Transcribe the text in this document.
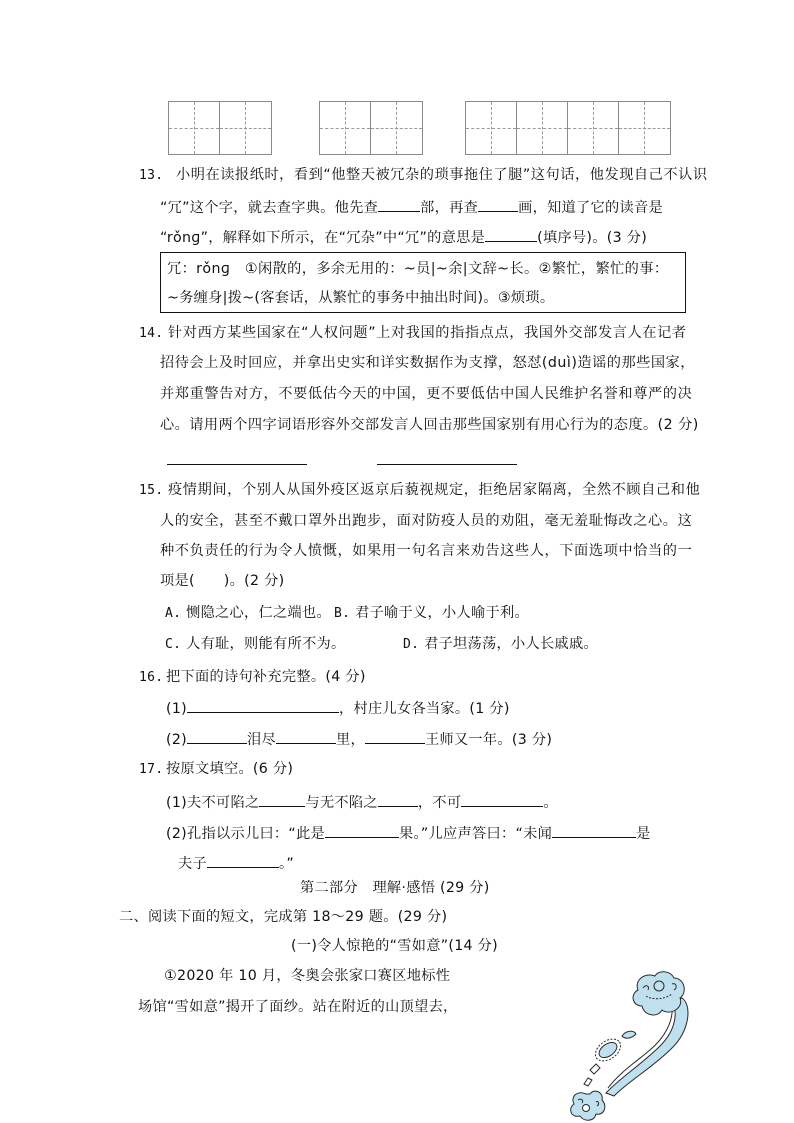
13. 小明在读报纸时，看到“他整天被冗杂的琐事拖住了腿”这句话，他发现自己不认识
“冗”这个字，就去查字典。他先查	部，再查	画，知道了它的读音是
“rǒnɡ”，解释如下所示，在“冗杂”中“冗”的意思是	(填序号)。(3 分)
冗：rǒnɡ　①闲散的，多余无用的：~员|~余|文辞~长。②繁忙，繁忙的事：
~务缠身|拨~(客套话，从繁忙的事务中抽出时间)。③烦琐。
14. 针对西方某些国家在“人权问题”上对我国的指指点点，我国外交部发言人在记者
招待会上及时回应，并拿出史实和详实数据作为支撑，怒怼(duì)造谣的那些国家，
并郑重警告对方，不要低估今天的中国，更不要低估中国人民维护名誉和尊严的决
心。请用两个四字词语形容外交部发言人回击那些国家别有用心行为的态度。(2 分)
15. 疫情期间，个别人从国外疫区返京后藐视规定，拒绝居家隔离，全然不顾自己和他
人的安全，甚至不戴口罩外出跑步，面对防疫人员的劝阻，毫无羞耻悔改之心。这
种不负责任的行为令人愤慨，如果用一句名言来劝告这些人，下面选项中恰当的一
项是(　　)。(2 分)
A. 恻隐之心，仁之端也。 B. 君子喻于义，小人喻于利。
C. 人有耻，则能有所不为。	D. 君子坦荡荡，小人长戚戚。
16. 把下面的诗句补充完整。(4 分)
(1)	，村庄儿女各当家。(1 分)
(2)	泪尽	里，	王师又一年。(3 分)
17. 按原文填空。(6 分)
(1)夫不可陷之	与无不陷之	，不可	。
(2)孔指以示儿曰：“此是	果。”儿应声答曰：“未闻	是
夫子	。”
第二部分　理解·感悟 (29 分)
二、阅读下面的短文，完成第 18～29 题。(29 分)
(一)令人惊艳的“雪如意”(14 分)
①2020 年 10 月，冬奥会张家口赛区地标性
场馆“雪如意”揭开了面纱。站在附近的山顶望去，
